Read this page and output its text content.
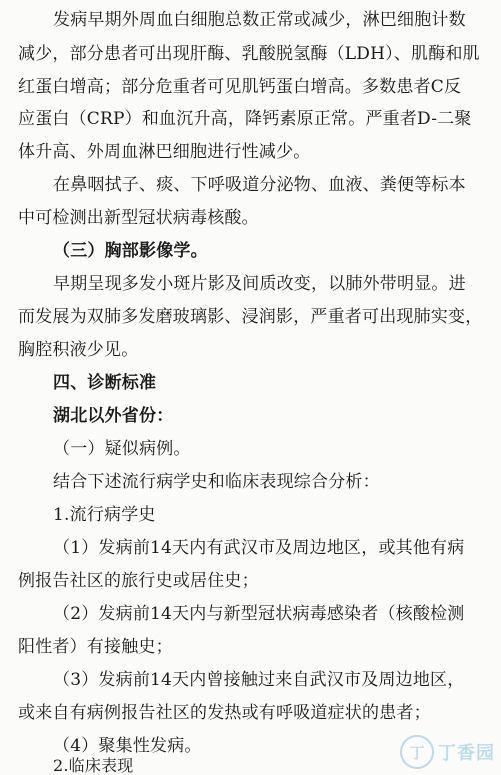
发病早期外周血白细胞总数正常或减少，淋巴细胞计数
减少，部分患者可出现肝酶、乳酸脱氢酶（LDH）、肌酶和肌
红蛋白增高；部分危重者可见肌钙蛋白增高。多数患者C反
应蛋白（CRP）和血沉升高，降钙素原正常。严重者D-二聚
体升高、外周血淋巴细胞进行性减少。
在鼻咽拭子、痰、下呼吸道分泌物、血液、粪便等标本
中可检测出新型冠状病毒核酸。
（三）胸部影像学。
早期呈现多发小斑片影及间质改变，以肺外带明显。进
而发展为双肺多发磨玻璃影、浸润影，严重者可出现肺实变，
胸腔积液少见。
四、诊断标准
湖北以外省份：
（一）疑似病例。
结合下述流行病学史和临床表现综合分析：
1.流行病学史
（1）发病前14天内有武汉市及周边地区，或其他有病
例报告社区的旅行史或居住史；
（2）发病前14天内与新型冠状病毒感染者（核酸检测
阳性者）有接触史；
（3）发病前14天内曾接触过来自武汉市及周边地区，
或来自有病例报告社区的发热或有呼吸道症状的患者；
（4）聚集性发病。
2.临床表现
丁 丁香园
